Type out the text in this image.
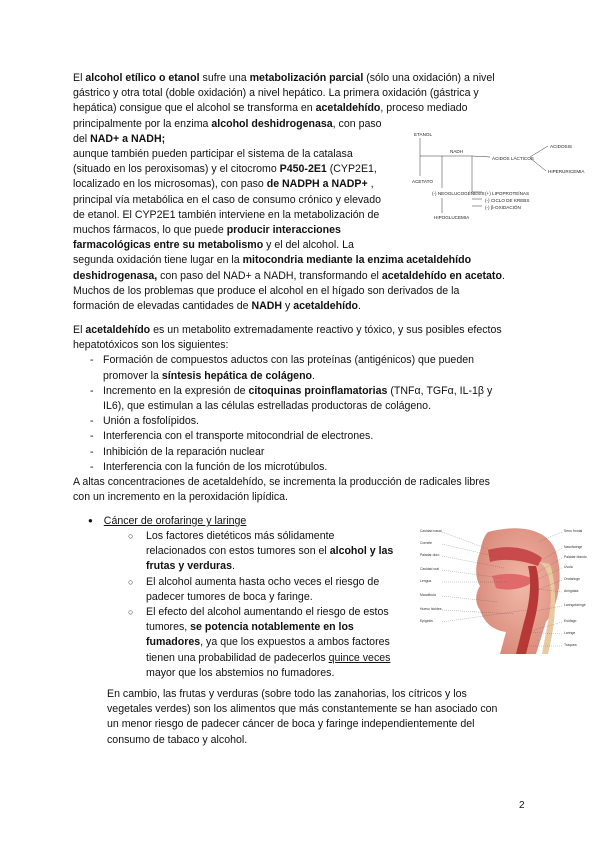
El alcohol etílico o etanol sufre una metabolización parcial (sólo una oxidación) a nivel

gástrico y otra total (doble oxidación) a nivel hepático. La primera oxidación (gástrica y

hepática) consigue que el alcohol se transforma en acetaldehído, proceso mediado

principalmente por la enzima alcohol deshidrogenasa, con paso

del NAD+ a NADH;

aunque también pueden participar el sistema de la catalasa

(situado en los peroxisomas) y el citocromo P450-2E1 (CYP2E1,

localizado en los microsomas), con paso de NADPH a NADP+ ,

principal vía metabólica en el caso de consumo crónico y elevado

de etanol. El CYP2E1 también interviene en la metabolización de

muchos fármacos, lo que puede producir interacciones

farmacológicas entre su metabolismo y el del alcohol. La

segunda oxidación tiene lugar en la mitocondria mediante la enzima acetaldehído

deshidrogenasa, con paso del NAD+ a NADH, transformando el acetaldehído en acetato.

Muchos de los problemas que produce el alcohol en el hígado son derivados de la

formación de elevadas cantidades de NADH y acetaldehído.

ETANOL
NADH
ÁCIDOS LÁCTICOS
ACIDOSIS
HIPERURICEMIA
ACETATO
(-) NEOGLUCOGÉNESIS (+) LIPOPROTEÍNAS
(-) CICLO DE KREBS
(-) β-OXIDACIÓN
HIPOGLUCEMIA

El acetaldehído es un metabolito extremadamente reactivo y tóxico, y sus posibles efectos

hepatotóxicos son los siguientes:

- Formación de compuestos aductos con las proteínas (antigénicos) que pueden
promover la síntesis hepática de colágeno.
- Incremento en la expresión de citoquinas proinflamatorias (TNFα, TGFα, IL-1β y
IL6), que estimulan a las células estrelladas productoras de colágeno.
- Unión a fosfolípidos.
- Interferencia con el transporte mitocondrial de electrones.
- Inhibición de la reparación nuclear
- Interferencia con la función de los microtúbulos.

A altas concentraciones de acetaldehído, se incrementa la producción de radicales libres

con un incremento en la peroxidación lipídica.

● Cáncer de orofaringe y laringe
○ Los factores dietéticos más sólidamente
relacionados con estos tumores son el alcohol y las
frutas y verduras.
○ El alcohol aumenta hasta ocho veces el riesgo de
padecer tumores de boca y faringe.
○ El efecto del alcohol aumentando el riesgo de estos
tumores, se potencia notablemente en los
fumadores, ya que los expuestos a ambos factores
tienen una probabilidad de padecerlos quince veces
mayor que los abstemios no fumadores.
Cavidad nasal
Cornete
Paladar duro
Cavidad oral
Lengua
Mandíbula
Hueso hioides
Epiglotis
Seno frontal
Nasofaringe
Paladar blando
Úvula
Orofaringe
Amígdala
Laringofaringe
Esófago
Laringe
Tráquea

En cambio, las frutas y verduras (sobre todo las zanahorias, los cítricos y los

vegetales verdes) son los alimentos que más constantemente se han asociado con

un menor riesgo de padecer cáncer de boca y faringe independientemente del

consumo de tabaco y alcohol.

2
